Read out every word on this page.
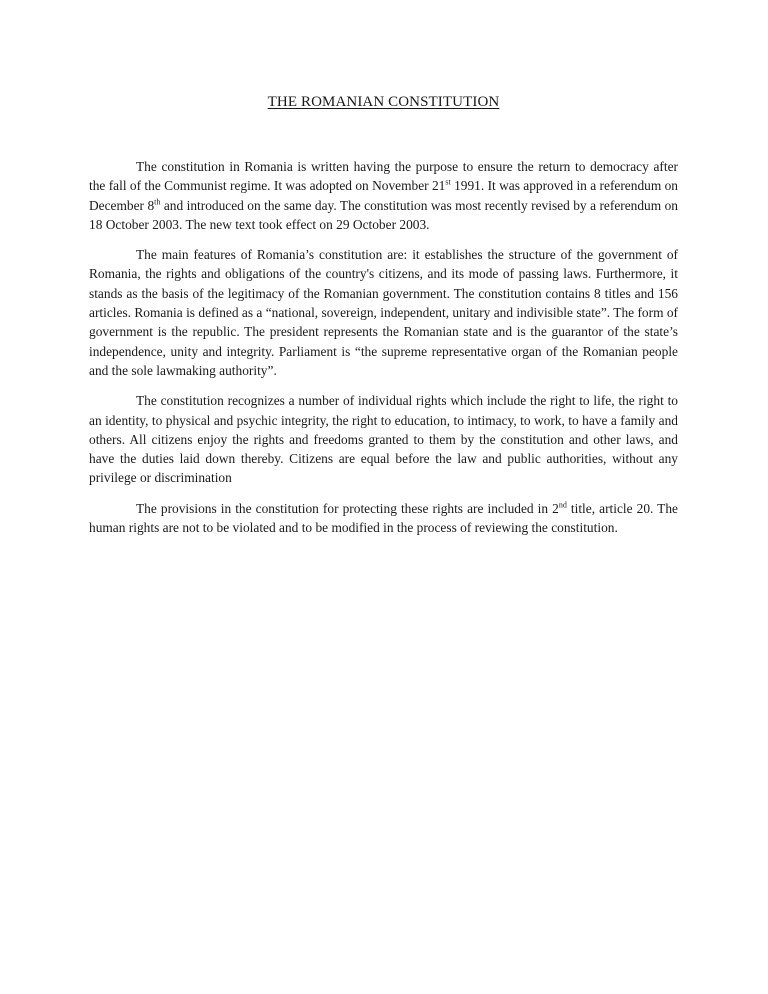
THE ROMANIAN CONSTITUTION

The constitution in Romania is written having the purpose to ensure the return to democracy after the fall of the Communist regime. It was adopted on November 21st 1991. It was approved in a referendum on December 8th and introduced on the same day. The constitution was most recently revised by a referendum on 18 October 2003. The new text took effect on 29 October 2003.

The main features of Romania’s constitution are: it establishes the structure of the government of Romania, the rights and obligations of the country's citizens, and its mode of passing laws. Furthermore, it stands as the basis of the legitimacy of the Romanian government. The constitution contains 8 titles and 156 articles. Romania is defined as a “national, sovereign, independent, unitary and indivisible state”. The form of government is the republic. The president represents the Romanian state and is the guarantor of the state’s independence, unity and integrity. Parliament is “the supreme representative organ of the Romanian people and the sole lawmaking authority”.

The constitution recognizes a number of individual rights which include the right to life, the right to an identity, to physical and psychic integrity, the right to education, to intimacy, to work, to have a family and others. All citizens enjoy the rights and freedoms granted to them by the constitution and other laws, and have the duties laid down thereby. Citizens are equal before the law and public authorities, without any privilege or discrimination

The provisions in the constitution for protecting these rights are included in 2nd title, article 20. The human rights are not to be violated and to be modified in the process of reviewing the constitution.
